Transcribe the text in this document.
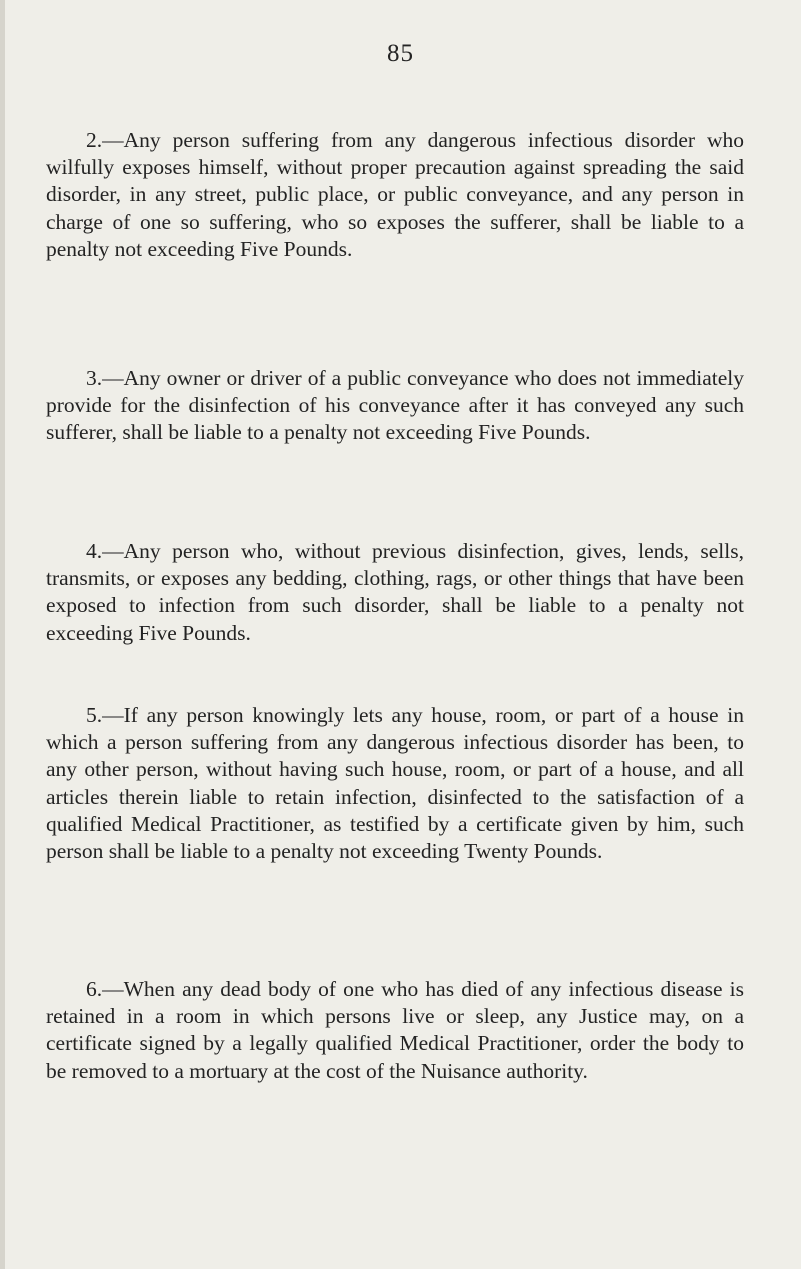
85

2.—Any person suffering from any dangerous infectious disorder who wilfully exposes himself, without proper precaution against spreading the said disorder, in any street, public place, or public conveyance, and any person in charge of one so suffering, who so exposes the sufferer, shall be liable to a penalty not exceeding Five Pounds.

3.—Any owner or driver of a public conveyance who does not immediately provide for the disinfection of his conveyance after it has conveyed any such sufferer, shall be liable to a penalty not exceeding Five Pounds.

4.—Any person who, without previous disinfection, gives, lends, sells, transmits, or exposes any bedding, clothing, rags, or other things that have been exposed to infection from such disorder, shall be liable to a penalty not exceeding Five Pounds.

5.—If any person knowingly lets any house, room, or part of a house in which a person suffering from any dangerous infectious disorder has been, to any other person, without having such house, room, or part of a house, and all articles therein liable to retain infection, disinfected to the satisfaction of a qualified Medical Practitioner, as testified by a certificate given by him, such person shall be liable to a penalty not exceeding Twenty Pounds.

6.—When any dead body of one who has died of any infectious disease is retained in a room in which persons live or sleep, any Justice may, on a certificate signed by a legally qualified Medical Practitioner, order the body to be removed to a mortuary at the cost of the Nuisance authority.
